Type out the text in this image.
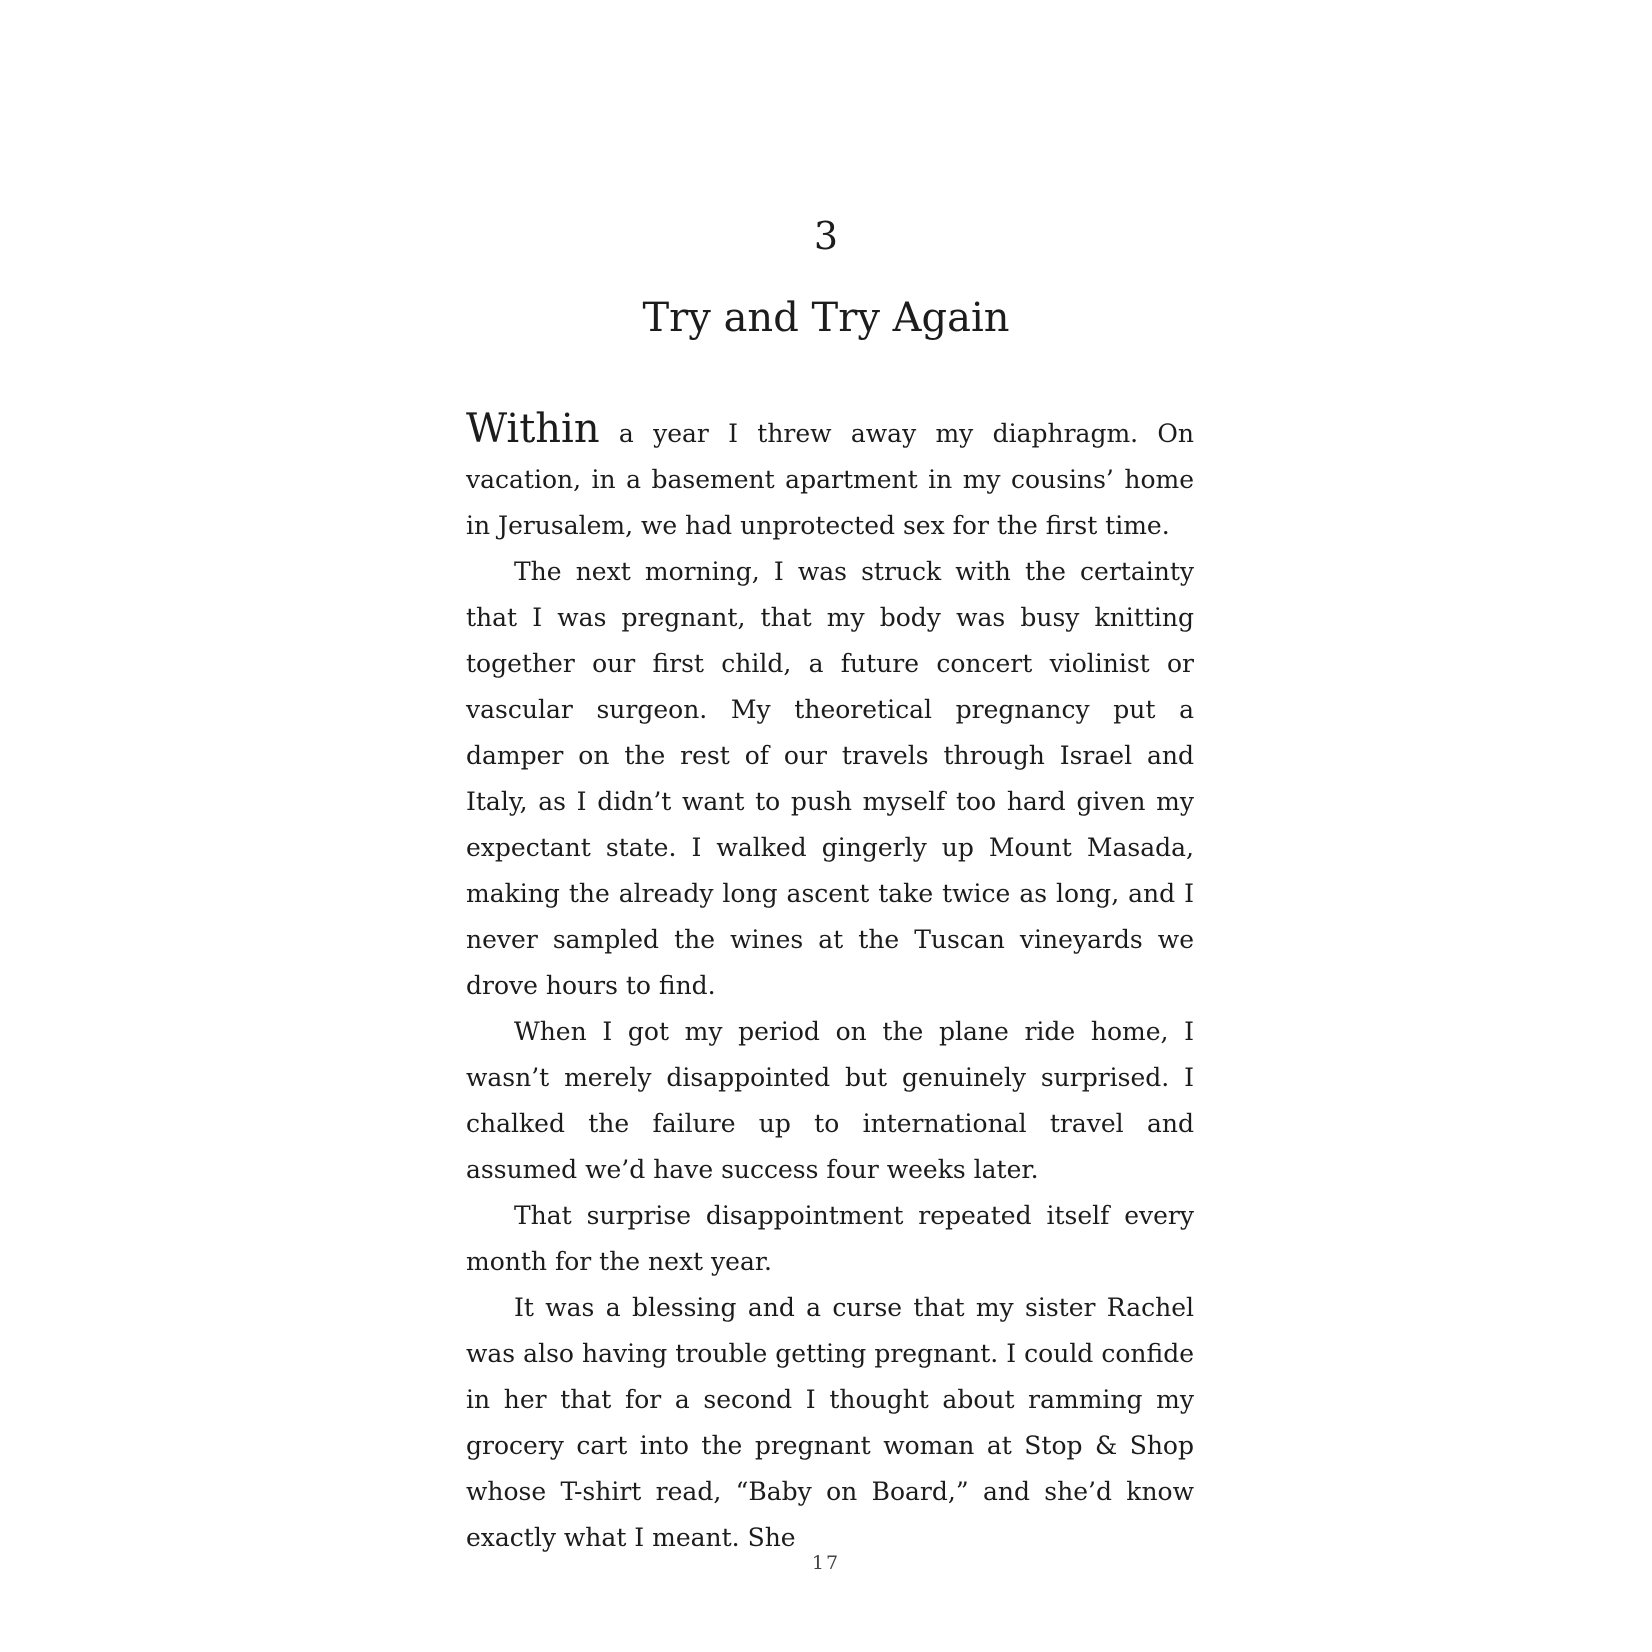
3
Try and Try Again

Within a year I threw away my diaphragm. On vacation, in a basement apartment in my cousins’ home in Jerusalem, we had unprotected sex for the first time.

The next morning, I was struck with the certainty that I was pregnant, that my body was busy knitting together our first child, a future concert violinist or vascular surgeon. My theoretical pregnancy put a damper on the rest of our travels through Israel and Italy, as I didn’t want to push myself too hard given my expectant state. I walked gingerly up Mount Masada, making the already long ascent take twice as long, and I never sampled the wines at the Tuscan vineyards we drove hours to find.

When I got my period on the plane ride home, I wasn’t merely disappointed but genuinely surprised. I chalked the failure up to international travel and assumed we’d have success four weeks later.

That surprise disappointment repeated itself every month for the next year.

It was a blessing and a curse that my sister Rachel was also having trouble getting pregnant. I could confide in her that for a second I thought about ramming my grocery cart into the pregnant woman at Stop & Shop whose T-shirt read, “Baby on Board,” and she’d know exactly what I meant. She

17
